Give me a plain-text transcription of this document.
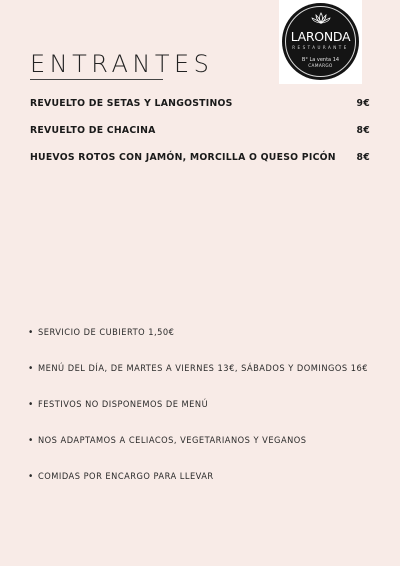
LARONDA
RESTAURANTE
B° La venta 14
CAMARGO
ENTRANTES
REVUELTO DE SETAS Y LANGOSTINOS	9€
REVUELTO DE CHACINA	8€
HUEVOS ROTOS CON JAMÓN, MORCILLA O QUESO PICÓN 8€
• SERVICIO DE CUBIERTO 1,50€
• MENÚ DEL DÍA, DE MARTES A VIERNES 13€, SÁBADOS Y DOMINGOS 16€
• FESTIVOS NO DISPONEMOS DE MENÚ
• NOS ADAPTAMOS A CELIACOS, VEGETARIANOS Y VEGANOS
• COMIDAS POR ENCARGO PARA LLEVAR
